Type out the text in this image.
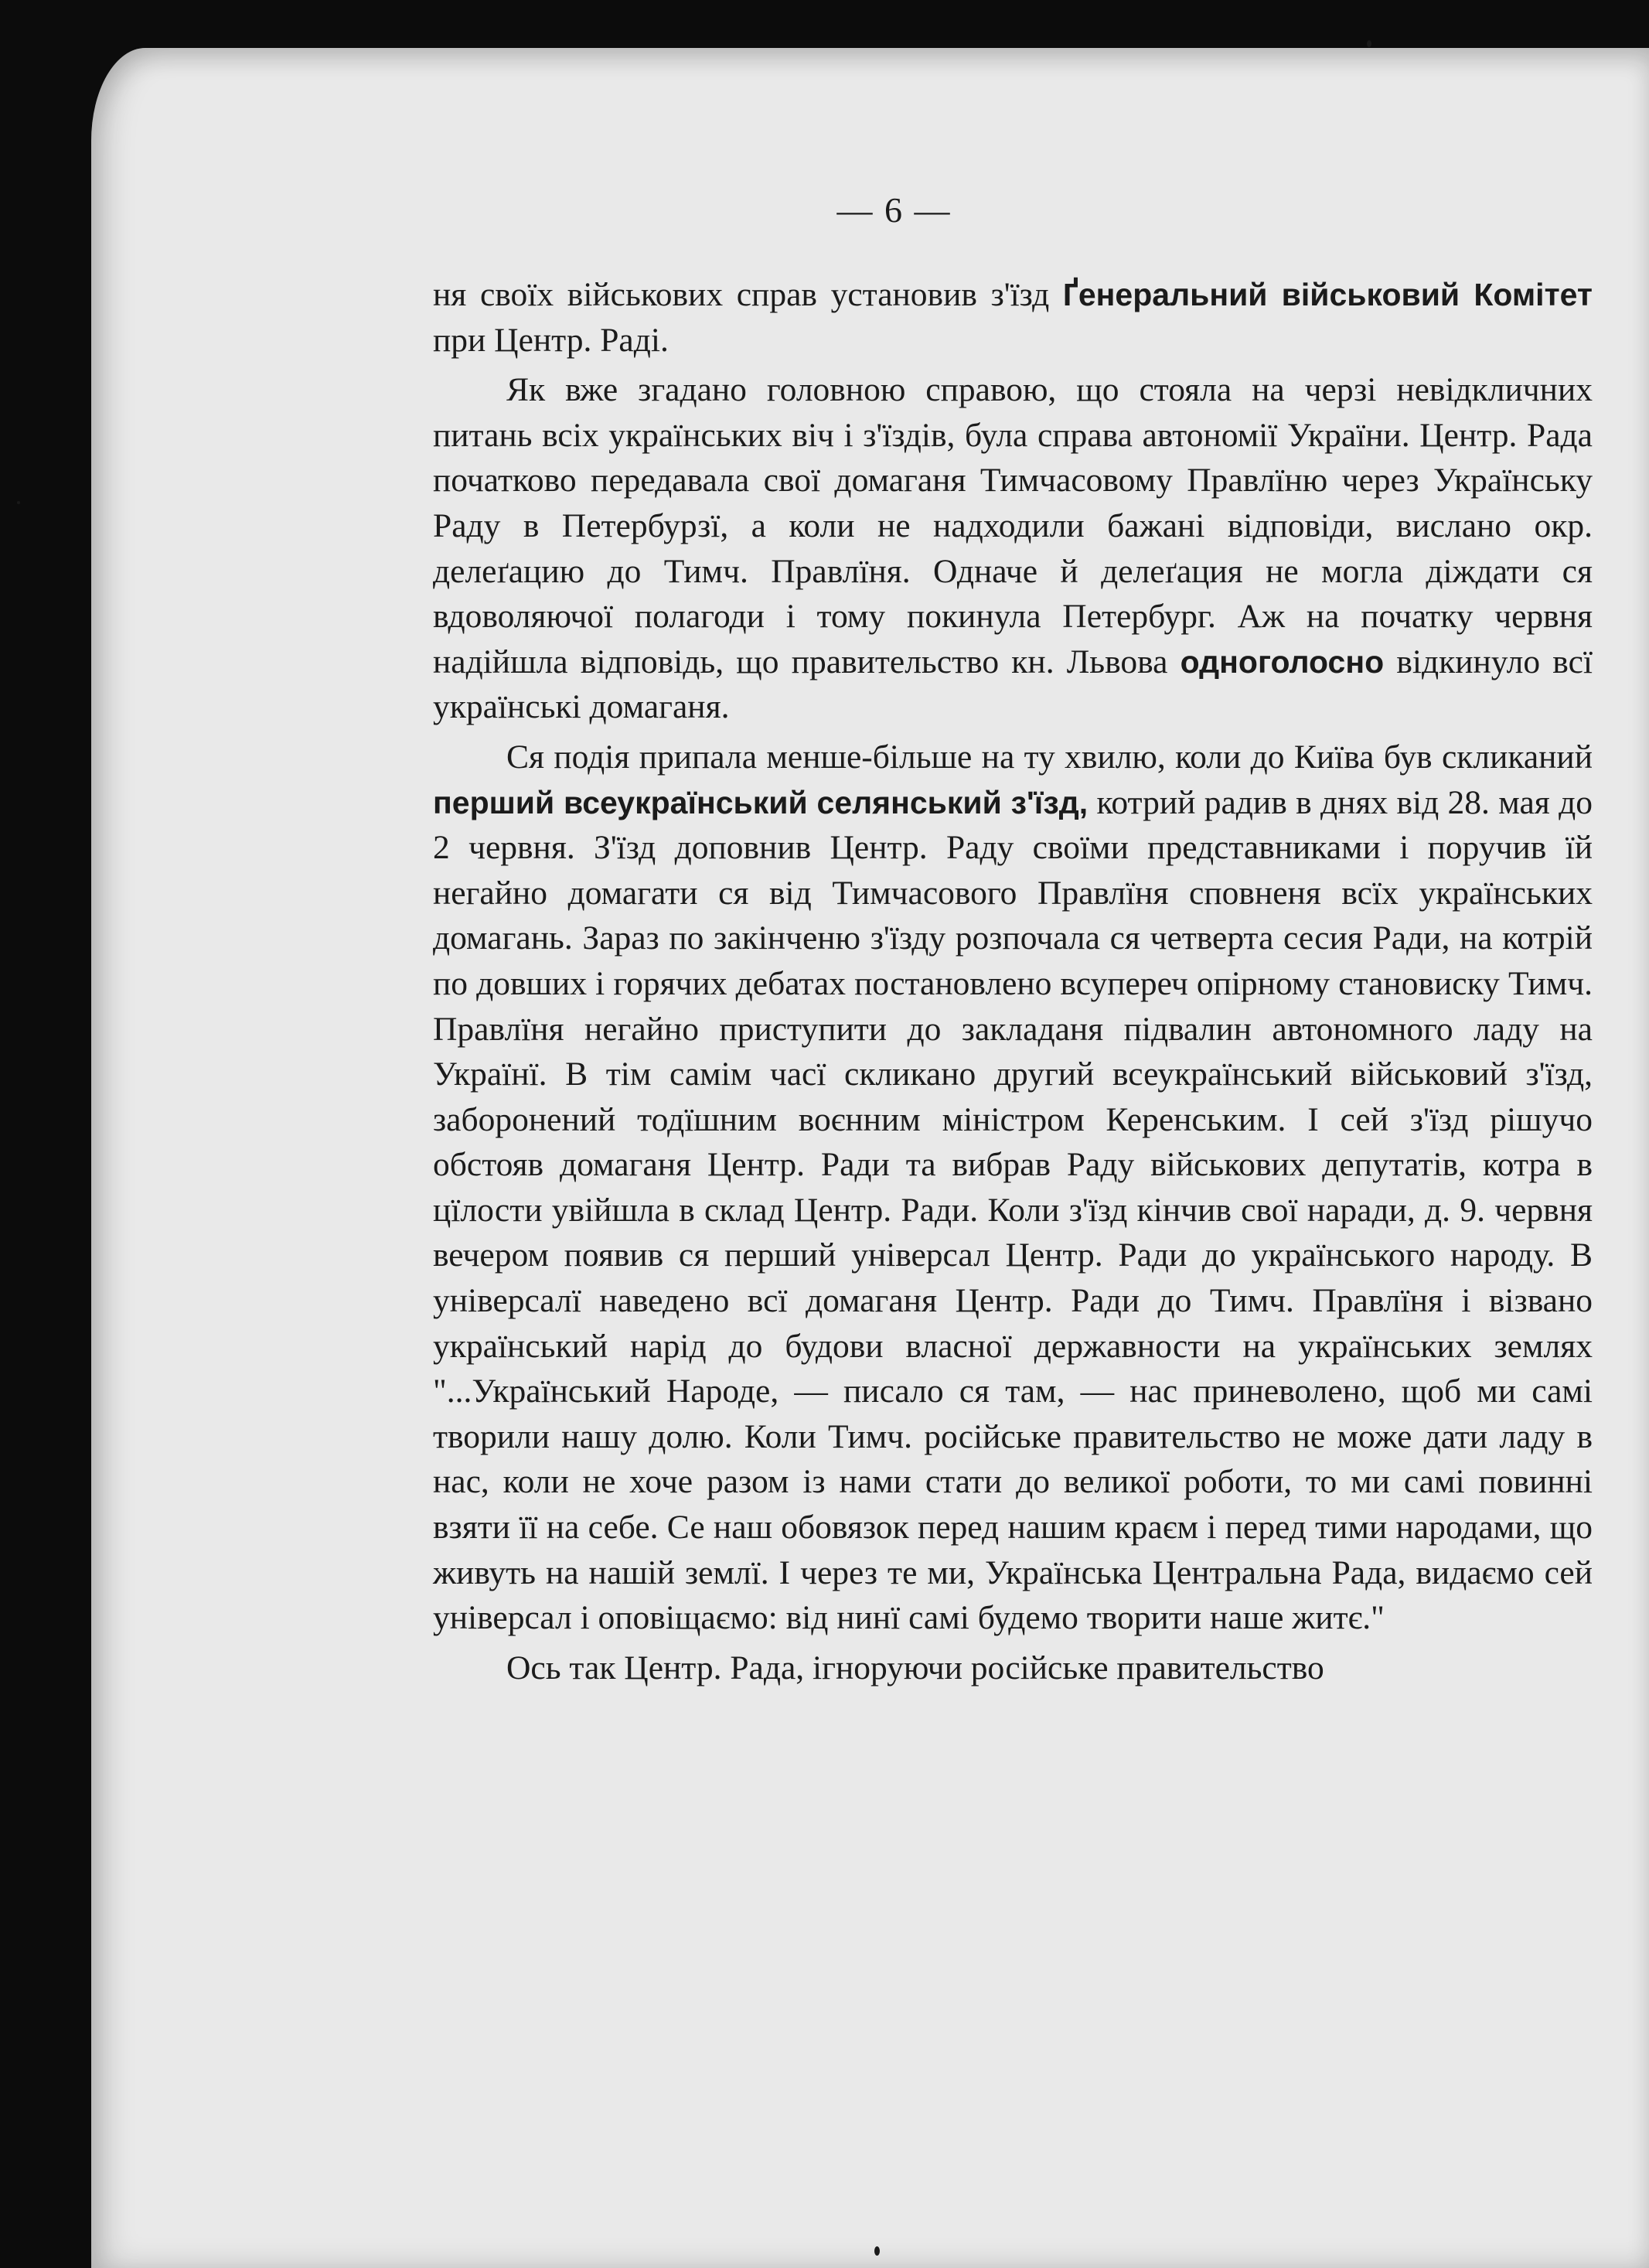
— 6 —

ня своїх військових справ установив з'їзд Ґенеральний військовий Комітет при Центр. Раді.

Як вже згадано головною справою, що стояла на черзі невідкличних питань всіх українських віч і з'їздів, була справа автономії України. Центр. Рада початково передавала свої домаганя Тимчасовому Правлїню через Українську Раду в Петербурзї, а коли не надходили бажані відповіди, вислано окр. делеґацию до Тимч. Правлїня. Одначе й делеґация не могла діждати ся вдоволяючої полагоди і тому покинула Петербург. Аж на початку червня надійшла відповідь, що правительство кн. Львова одноголосно відкинуло всї українські домаганя.

Ся подія припала менше-більше на ту хвилю, коли до Київа був скликаний перший всеукраїнський селянський з'їзд, котрий радив в днях від 28. мая до 2 червня. З'їзд доповнив Центр. Раду своїми представниками і поручив їй негайно домагати ся від Тимчасового Правлїня сповненя всїх українських домагань. Зараз по закінченю з'їзду розпочала ся четверта сесия Ради, на котрій по довших і горячих дебатах постановлено всупереч опірному становиску Тимч. Правлїня негайно приступити до закладаня підвалин автономного ладу на Українї. В тім самім часї скликано другий всеукраїнський військовий з'їзд, заборонений тодїшним воєнним міністром Керенським. І сей з'їзд рішучо обстояв домаганя Центр. Ради та вибрав Раду військових депутатів, котра в цїлости увійшла в склад Центр. Ради. Коли з'їзд кінчив свої наради, д. 9. червня вечером появив ся перший універсал Центр. Ради до українського народу. В універсалї наведено всї домаганя Центр. Ради до Тимч. Правлїня і візвано український нарід до будови власної державности на українських землях "...Український Народе, — писало ся там, — нас приневолено, щоб ми самі творили нашу долю. Коли Тимч. російське правительство не може дати ладу в нас, коли не хоче разом із нами стати до великої роботи, то ми самі повинні взяти її на себе. Се наш обовязок перед нашим краєм і перед тими народами, що живуть на нашій землї. І через те ми, Українська Центральна Рада, видаємо сей універсал і оповіщаємо: від нинї самі будемо творити наше житє."

Ось так Центр. Рада, ігноруючи російське правительство
